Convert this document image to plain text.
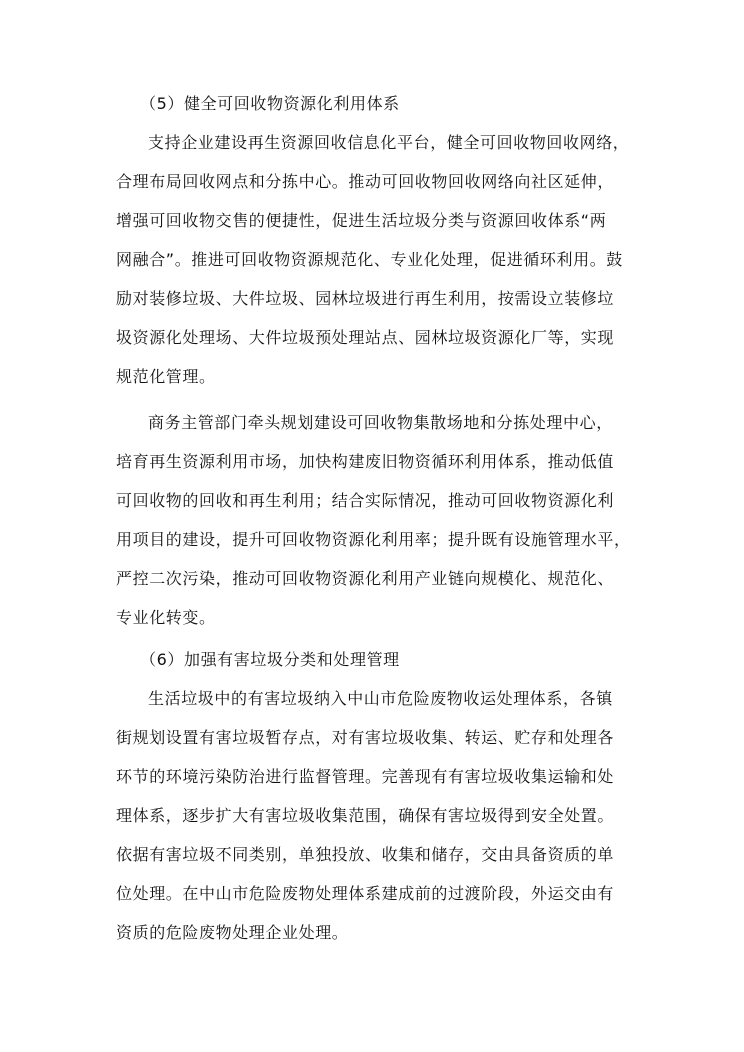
（5）健全可回收物资源化利用体系
支持企业建设再生资源回收信息化平台，健全可回收物回收网络，
合理布局回收网点和分拣中心。推动可回收物回收网络向社区延伸，
增强可回收物交售的便捷性，促进生活垃圾分类与资源回收体系“两
网融合”。推进可回收物资源规范化、专业化处理，促进循环利用。鼓
励对装修垃圾、大件垃圾、园林垃圾进行再生利用，按需设立装修垃
圾资源化处理场、大件垃圾预处理站点、园林垃圾资源化厂等，实现
规范化管理。
商务主管部门牵头规划建设可回收物集散场地和分拣处理中心，
培育再生资源利用市场，加快构建废旧物资循环利用体系，推动低值
可回收物的回收和再生利用；结合实际情况，推动可回收物资源化利
用项目的建设，提升可回收物资源化利用率；提升既有设施管理水平，
严控二次污染，推动可回收物资源化利用产业链向规模化、规范化、
专业化转变。
（6）加强有害垃圾分类和处理管理
生活垃圾中的有害垃圾纳入中山市危险废物收运处理体系，各镇
街规划设置有害垃圾暂存点，对有害垃圾收集、转运、贮存和处理各
环节的环境污染防治进行监督管理。完善现有有害垃圾收集运输和处
理体系，逐步扩大有害垃圾收集范围，确保有害垃圾得到安全处置。
依据有害垃圾不同类别，单独投放、收集和储存，交由具备资质的单
位处理。在中山市危险废物处理体系建成前的过渡阶段，外运交由有
资质的危险废物处理企业处理。
